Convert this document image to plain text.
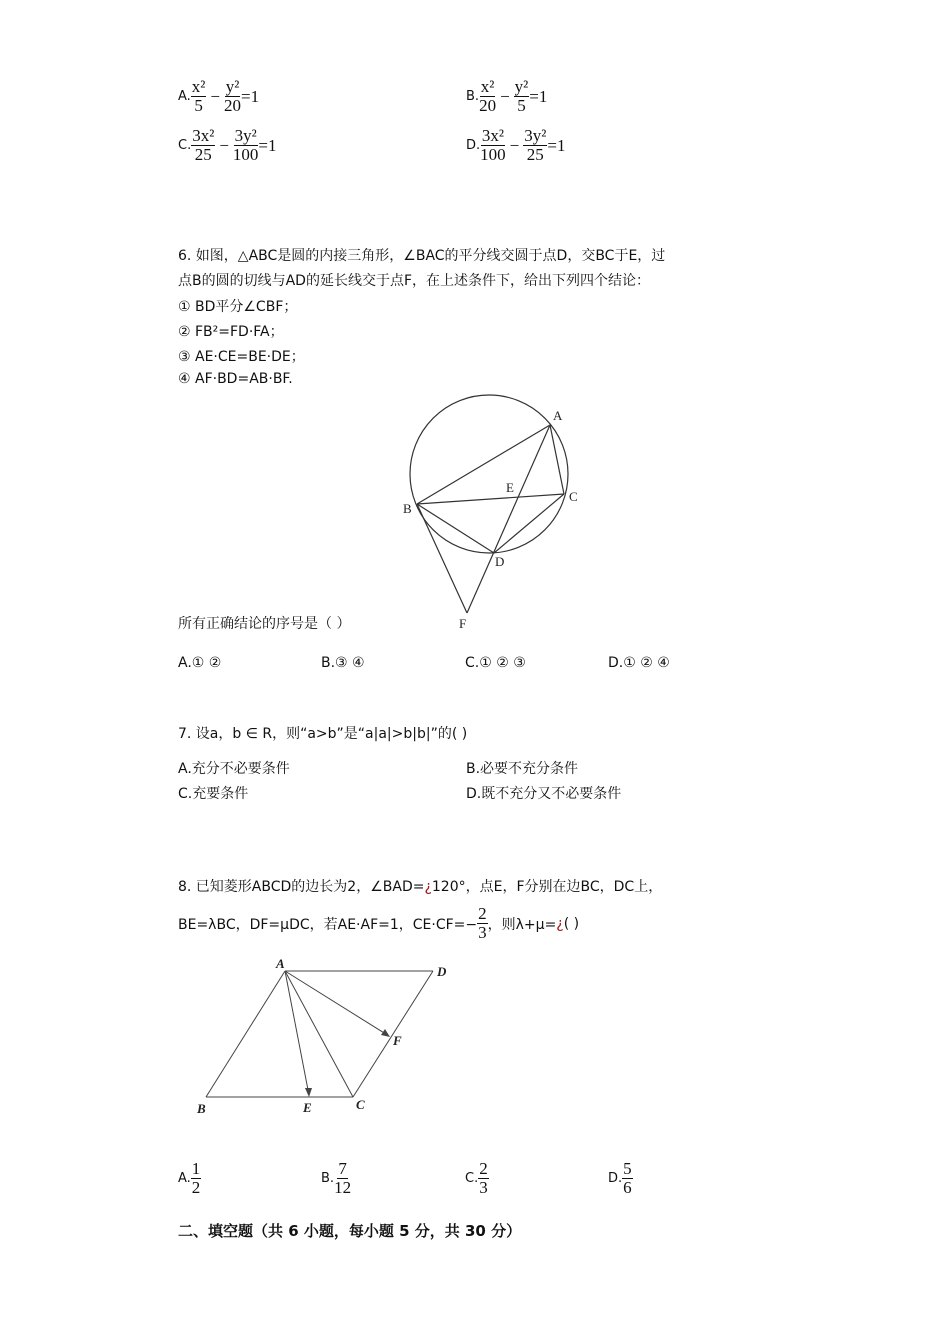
A. $\frac{\text{x²}}{5} - \frac{\text{y²}}{20} =1$	B. $\frac{\text{x²}}{20} - \frac{\text{y²}}{5} =1$
C. $\frac{\text{3x²}}{25} - \frac{\text{3y²}}{100} =1$	D. $\frac{\text{3x²}}{100} - \frac{\text{3y²}}{25} =1$
6. 如图，△ABC是圆的内接三角形，∠BAC的平分线交圆于点D，交BC于E，过
点B的圆的切线与AD的延长线交于点F，在上述条件下，给出下列四个结论：
① BD平分∠CBF；
② FB²=FD·FA；
③ AE·CE=BE·DE；
④ AF·BD=AB·BF.
A
B
C
D
E
F
A
D
B	C
E
F
所有正确结论的序号是（ ）
A.① ②	B.③ ④	C.① ② ③	D.① ② ④
7. 设a，b ∈ R，则“a>b”是“a|a|>b|b|”的( )
A.充分不必要条件	B.必要不充分条件
C.充要条件	D.既不充分又不必要条件
8. 已知菱形ABCD的边长为2，∠BAD=¿120°，点E，F分别在边BC，DC上，
BE=λBC，DF=μDC，若AE·AF=1，$CE\cdot CF=- \frac{2}{3}$ ，则λ+μ= ¿ ( )
A. $\frac{1}{2}$	B. $\frac{7}{12}$	C. $\frac{2}{3}$	D. $\frac{5}{6}$
二、填空题（共 6 小题，每小题 5 分，共 30 分）
